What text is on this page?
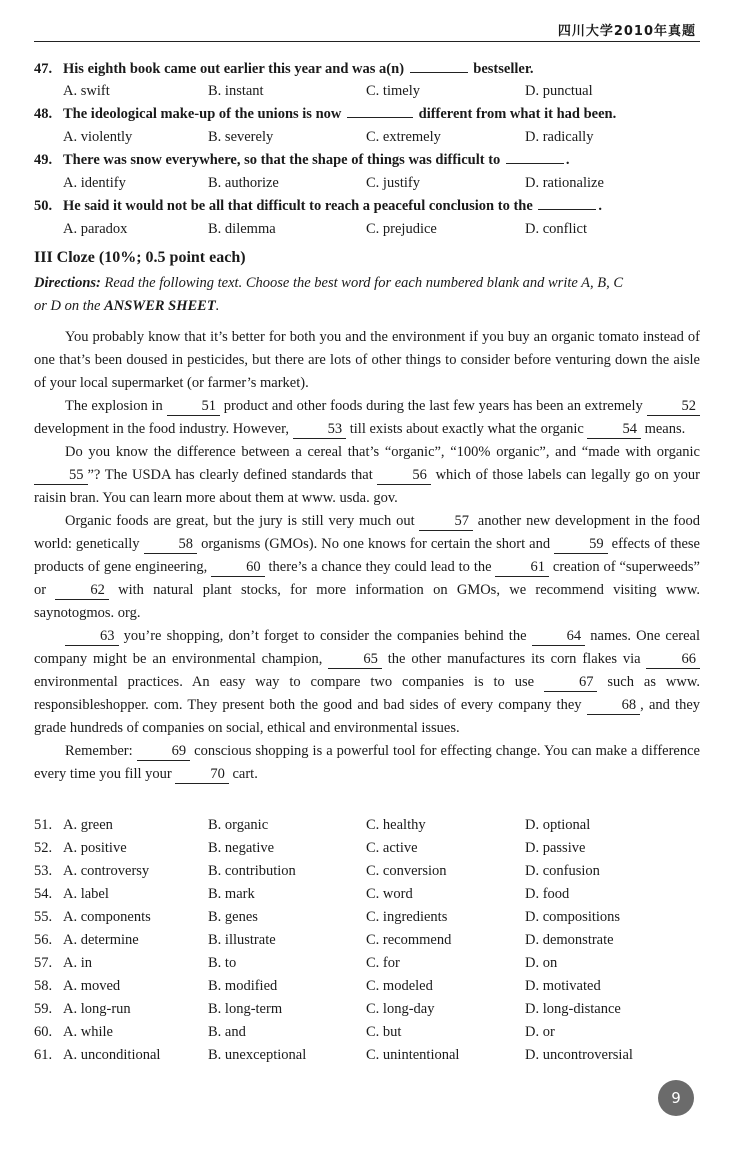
四川大学2010年真题
47. His eighth book came out earlier this year and was a(n)	bestseller.
A. swift	B. instant	C. timely	D. punctual
48. The ideological make-up of the unions is now	different from what it had been.
A. violently	B. severely	C. extremely	D. radically
49. There was snow everywhere, so that the shape of things was difficult to	.
A. identify	B. authorize	C. justify	D. rationalize
50. He said it would not be all that difficult to reach a peaceful conclusion to the	.
A. paradox	B. dilemma	C. prejudice	D. conflict
III Cloze (10%; 0.5 point each)
Directions: Read the following text. Choose the best word for each numbered blank and write A, B, C
or D on the ANSWER SHEET.

You probably know that it’s better for both you and the environment if you buy an organic tomato instead of one that’s been doused in pesticides, but there are lots of other things to consider before venturing down the aisle of your local supermarket (or farmer’s market).

The explosion in 51 product and other foods during the last few years has been an extremely 52 development in the food industry. However, 53 till exists about exactly what the organic 54 means.

Do you know the difference between a cereal that’s “organic”, “100% organic”, and “made with organic 55 ”? The USDA has clearly defined standards that 56 which of those labels can legally go on your raisin bran. You can learn more about them at www. usda. gov.

Organic foods are great, but the jury is still very much out 57 another new development in the food world: genetically 58 organisms (GMOs). No one knows for certain the short and 59 effects of these products of gene engineering, 60 there’s a chance they could lead to the 61 creation of “superweeds” or 62 with natural plant stocks, for more information on GMOs, we recommend visiting www. saynotogmos. org.

63 you’re shopping, don’t forget to consider the companies behind the 64 names. One cereal company might be an environmental champion, 65 the other manufactures its corn flakes via 66 environmental practices. An easy way to compare two companies is to use 67 such as www. responsibleshopper. com. They present both the good and bad sides of every company they 68 , and they grade hundreds of companies on social, ethical and environmental issues.

Remember: 69 conscious shopping is a powerful tool for effecting change. You can make a difference every time you fill your 70 cart.

51. A. green	B. organic	C. healthy	D. optional
52. A. positive	B. negative	C. active	D. passive
53. A. controversy	B. contribution	C. conversion	D. confusion
54. A. label	B. mark	C. word	D. food
55. A. components	B. genes	C. ingredients	D. compositions
56. A. determine	B. illustrate	C. recommend	D. demonstrate
57. A. in	B. to	C. for	D. on
58. A. moved	B. modified	C. modeled	D. motivated
59. A. long-run	B. long-term	C. long-day	D. long-distance
60. A. while	B. and	C. but	D. or
61. A. unconditional	B. unexceptional	C. unintentional	D. uncontroversial
9
